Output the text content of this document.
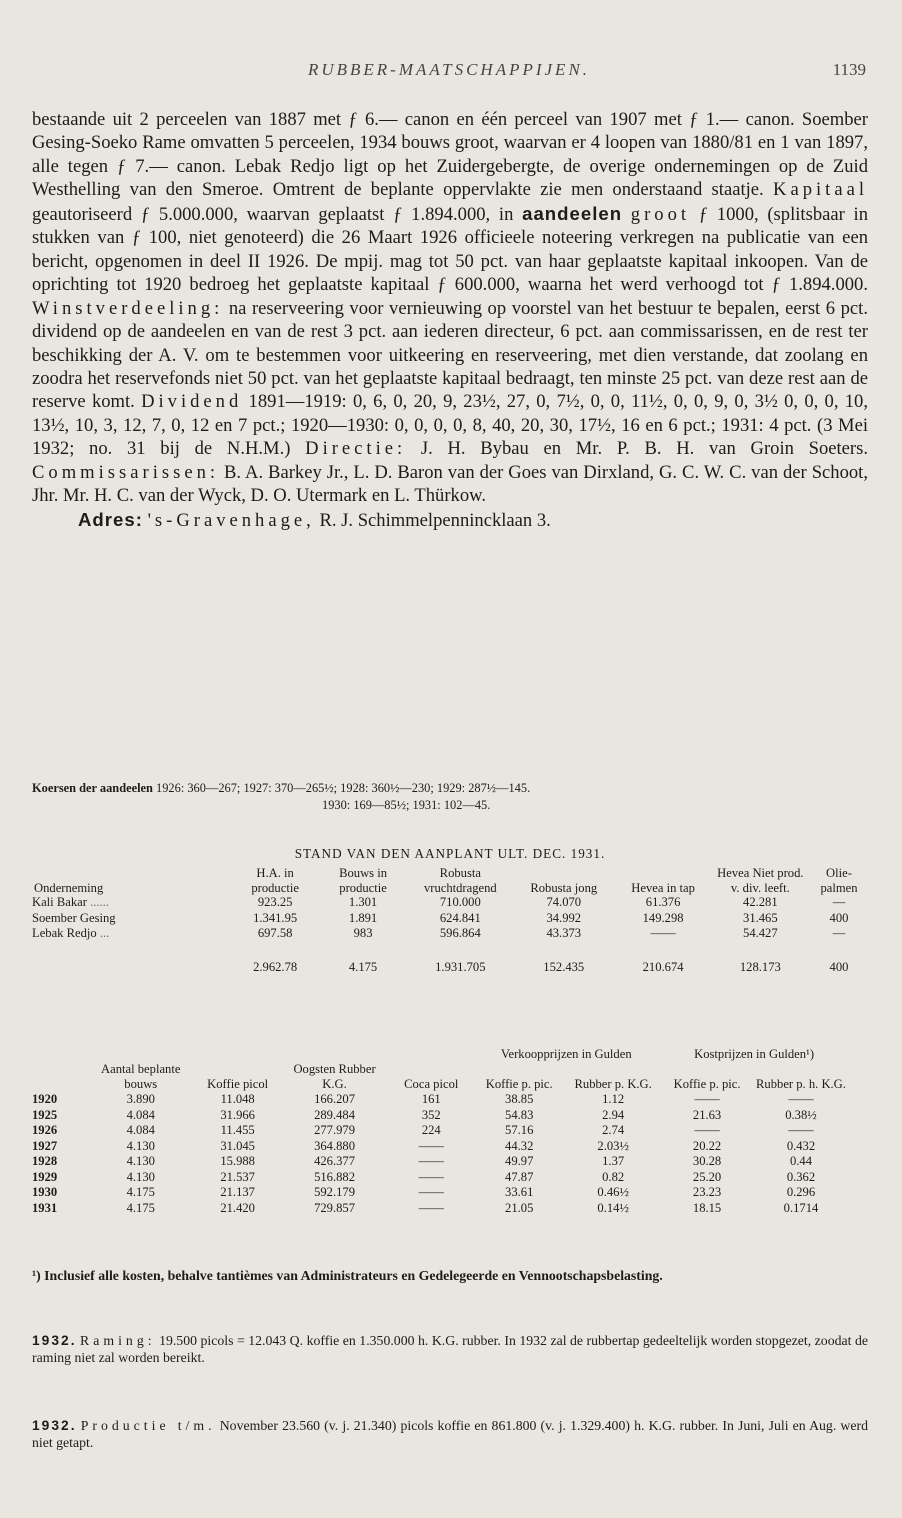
RUBBER-MAATSCHAPPIJEN.	1139

bestaande uit 2 perceelen van 1887 met ƒ 6.— canon en één perceel van 1907 met ƒ 1.— canon. Soember Gesing-Soeko Rame omvatten 5 perceelen, 1934 bouws groot, waarvan er 4 loopen van 1880/81 en 1 van 1897, alle tegen ƒ 7.— canon. Lebak Redjo ligt op het Zuidergebergte, de overige ondernemingen op de Zuid Westhelling van den Smeroe. Omtrent de beplante oppervlakte zie men onderstaand staatje. Kapitaal geautoriseerd ƒ 5.000.000, waarvan geplaatst ƒ 1.894.000, in aandeelen groot ƒ 1000, (splitsbaar in stukken van ƒ 100, niet genoteerd) die 26 Maart 1926 officieele noteering verkregen na publicatie van een bericht, opgenomen in deel II 1926. De mpij. mag tot 50 pct. van haar geplaatste kapitaal inkoopen. Van de oprichting tot 1920 bedroeg het geplaatste kapitaal ƒ 600.000, waarna het werd verhoogd tot ƒ 1.894.000. Winstverdeeling: na reserveering voor vernieuwing op voorstel van het bestuur te bepalen, eerst 6 pct. dividend op de aandeelen en van de rest 3 pct. aan iederen directeur, 6 pct. aan commissarissen, en de rest ter beschikking der A. V. om te bestemmen voor uitkeering en reserveering, met dien verstande, dat zoolang en zoodra het reservefonds niet 50 pct. van het geplaatste kapitaal bedraagt, ten minste 25 pct. van deze rest aan de reserve komt. Dividend 1891—1919: 0, 6, 0, 20, 9, 23½, 27, 0, 7½, 0, 0, 11½, 0, 0, 9, 0, 3½ 0, 0, 0, 10, 13½, 10, 3, 12, 7, 0, 12 en 7 pct.; 1920—1930: 0, 0, 0, 0, 8, 40, 20, 30, 17½, 16 en 6 pct.; 1931: 4 pct. (3 Mei 1932; no. 31 bij de N.H.M.) Directie: J. H. Bybau en Mr. P. B. H. van Groin Soeters. Commissarissen: B. A. Barkey Jr., L. D. Baron van der Goes van Dirxland, G. C. W. C. van der Schoot, Jhr. Mr. H. C. van der Wyck, D. O. Utermark en L. Thürkow.

Adres: 's-Gravenhage, R. J. Schimmelpennincklaan 3.

Koersen der aandeelen 1926: 360—267; 1927: 370—265½; 1928: 360½—230; 1929: 287½—145.
1930: 169—85½; 1931: 102—45.
STAND VAN DEN AANPLANT ULT. DEC. 1931.
Onderneming	H.A. in productie	Bouws in productie	Robusta vruchtdragend	Robusta jong	Hevea in tap	Hevea Niet prod. v. div. leeft.	Olie-palmen
Kali Bakar ......	923.25	1.301	710.000	74.070	61.376	42.281	—
Soember Gesing	1.341.95	1.891	624.841	34.992	149.298	31.465	400
Lebak Redjo ...	697.58	983	596.864	43.373	——	54.427	—
	2.962.78	4.175	1.931.705	152.435	210.674	128.173	400
					Verkoopprijzen in Gulden		Kostprijzen in Gulden¹)	
	Aantal beplante bouws	Koffie picol	Oogsten Rubber K.G.	Coca picol	Koffie p. pic.	Rubber p. K.G.	Koffie p. pic.	Rubber p. h. K.G.
1920	3.890	11.048	166.207	161	38.85	1.12	——	——
1925	4.084	31.966	289.484	352	54.83	2.94	21.63	0.38½
1926	4.084	11.455	277.979	224	57.16	2.74	——	——
1927	4.130	31.045	364.880	——	44.32	2.03½	20.22	0.432
1928	4.130	15.988	426.377	——	49.97	1.37	30.28	0.44
1929	4.130	21.537	516.882	——	47.87	0.82	25.20	0.362
1930	4.175	21.137	592.179	——	33.61	0.46½	23.23	0.296
1931	4.175	21.420	729.857	——	21.05	0.14½	18.15	0.1714
¹) Inclusief alle kosten, behalve tantièmes van Administrateurs en Gedelegeerde en Vennootschapsbelasting.
1932. Raming: 19.500 picols = 12.043 Q. koffie en 1.350.000 h. K.G. rubber. In 1932 zal de rubbertap gedeeltelijk worden stopgezet, zoodat de raming niet zal worden bereikt.
1932. Productie t/m. November 23.560 (v. j. 21.340) picols koffie en 861.800 (v. j. 1.329.400) h. K.G. rubber. In Juni, Juli en Aug. werd niet getapt.
